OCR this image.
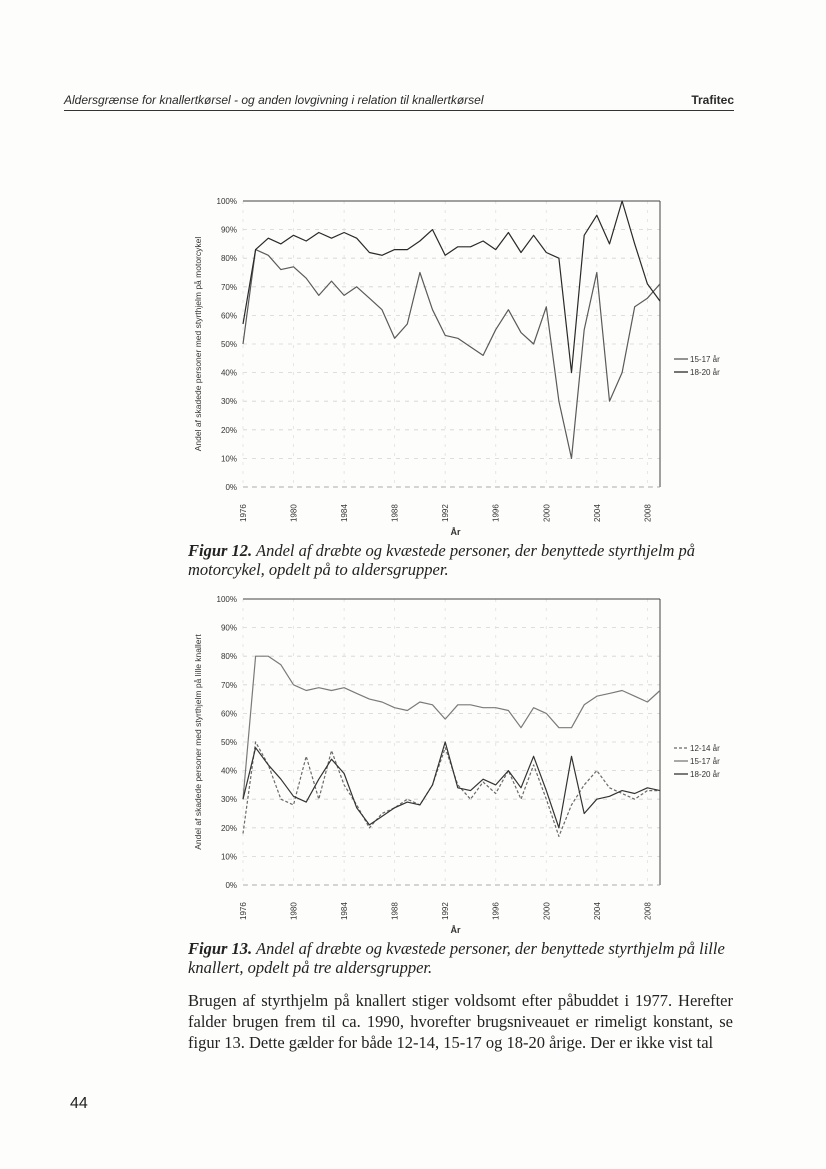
Aldersgrænse for knallertkørsel - og anden lovgivning i relation til knallertkørsel	Trafitec
0%
10%
20%
30%
40%
50%
60%
70%
80%
90%
100%
1976	1980	1984	1988	1992	1996	2000	2004	2008
År
Andel af skadede personer med styrthjelm på motorcykel	15-17 år
18-20 år
Figur 12. Andel af dræbte og kvæstede personer, der benyttede styrthjelm på motorcykel, opdelt på to aldersgrupper.
0%
10%
20%
30%
40%
50%
60%
70%
80%
90%
100%
1976	1980	1984	1988	1992	1996	2000	2004	2008
År
Andel af skadede personer med styrthjelm på lille knallert	12-14 år
15-17 år
18-20 år
Figur 13. Andel af dræbte og kvæstede personer, der benyttede styrthjelm på lille knallert, opdelt på tre aldersgrupper.
Brugen af styrthjelm på knallert stiger voldsomt efter påbuddet i 1977. Herefter falder brugen frem til ca. 1990, hvorefter brugsniveauet er rimeligt konstant, se figur 13. Dette gælder for både 12-14, 15-17 og 18-20 årige. Der er ikke vist tal
44
